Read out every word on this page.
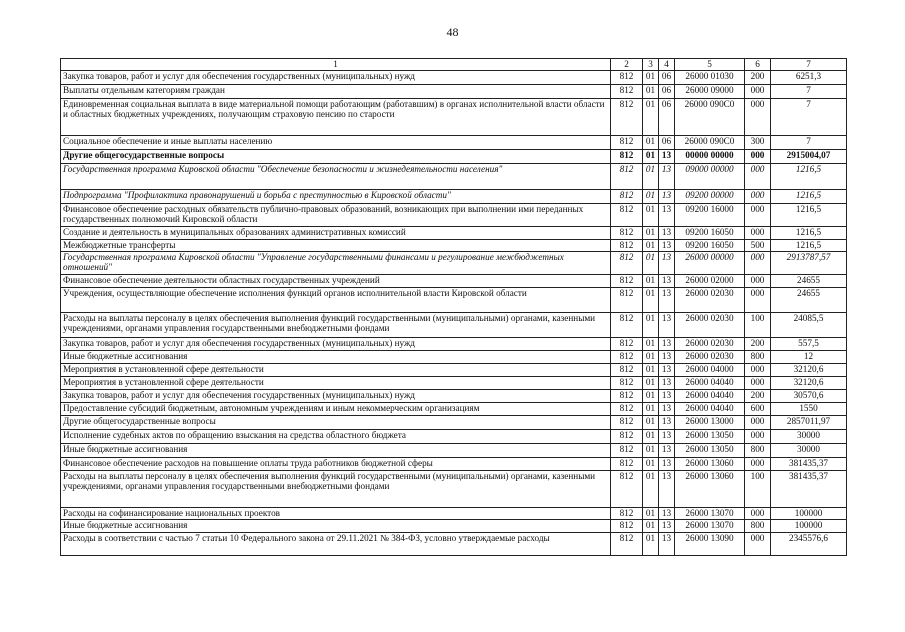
48
1	2	3	4	5	6	7
Закупка товаров, работ и услуг для обеспечения государственных (муниципальных) нужд	812	01	06	26000 01030	200	6251,3
Выплаты отдельным категориям граждан	812	01	06	26000 09000	000	7
Единовременная социальная выплата в виде материальной помощи работающим (работавшим) в органах исполнительной власти области и областных бюджетных учреждениях, получающим страховую пенсию по старости	812	01	06	26000 090C0	000	7
Социальное обеспечение и иные выплаты населению	812	01	06	26000 090C0	300	7
Другие общегосударственные вопросы	812	01	13	00000 00000	000	2915004,07
Государственная программа Кировской области "Обеспечение безопасности и жизнедеятельности населения"	812	01	13	09000 00000	000	1216,5
Подпрограмма "Профилактика правонарушений и борьба с преступностью в Кировской области"	812	01	13	09200 00000	000	1216,5
Финансовое обеспечение расходных обязательств публично-правовых образований, возникающих при выполнении ими переданных государственных полномочий Кировской области	812	01	13	09200 16000	000	1216,5
Создание и деятельность в муниципальных образованиях административных комиссий	812	01	13	09200 16050	000	1216,5
Межбюджетные трансферты	812	01	13	09200 16050	500	1216,5
Государственная программа Кировской области "Управление государственными финансами и регулирование межбюджетных отношений"	812	01	13	26000 00000	000	2913787,57
Финансовое обеспечение деятельности областных государственных учреждений	812	01	13	26000 02000	000	24655
Учреждения, осуществляющие обеспечение исполнения функций органов исполнительной власти Кировской области	812	01	13	26000 02030	000	24655
Расходы на выплаты персоналу в целях обеспечения выполнения функций государственными (муниципальными) органами, казенными учреждениями, органами управления государственными внебюджетными фондами	812	01	13	26000 02030	100	24085,5
Закупка товаров, работ и услуг для обеспечения государственных (муниципальных) нужд	812	01	13	26000 02030	200	557,5
Иные бюджетные ассигнования	812	01	13	26000 02030	800	12
Мероприятия в установленной сфере деятельности	812	01	13	26000 04000	000	32120,6
Мероприятия в установленной сфере деятельности	812	01	13	26000 04040	000	32120,6
Закупка товаров, работ и услуг для обеспечения государственных (муниципальных) нужд	812	01	13	26000 04040	200	30570,6
Предоставление субсидий бюджетным, автономным учреждениям и иным некоммерческим организациям	812	01	13	26000 04040	600	1550
Другие общегосударственные вопросы	812	01	13	26000 13000	000	2857011,97
Исполнение судебных актов по обращению взыскания на средства областного бюджета	812	01	13	26000 13050	000	30000
Иные бюджетные ассигнования	812	01	13	26000 13050	800	30000
Финансовое обеспечение расходов на повышение оплаты труда работников бюджетной сферы	812	01	13	26000 13060	000	381435,37
Расходы на выплаты персоналу в целях обеспечения выполнения функций государственными (муниципальными) органами, казенными учреждениями, органами управления государственными внебюджетными фондами	812	01	13	26000 13060	100	381435,37
Расходы на софинансирование национальных проектов	812	01	13	26000 13070	000	100000
Иные бюджетные ассигнования	812	01	13	26000 13070	800	100000
Расходы в соответствии с частью 7 статьи 10 Федерального закона от 29.11.2021 № 384-ФЗ, условно утверждаемые расходы	812	01	13	26000 13090	000	2345576,6
